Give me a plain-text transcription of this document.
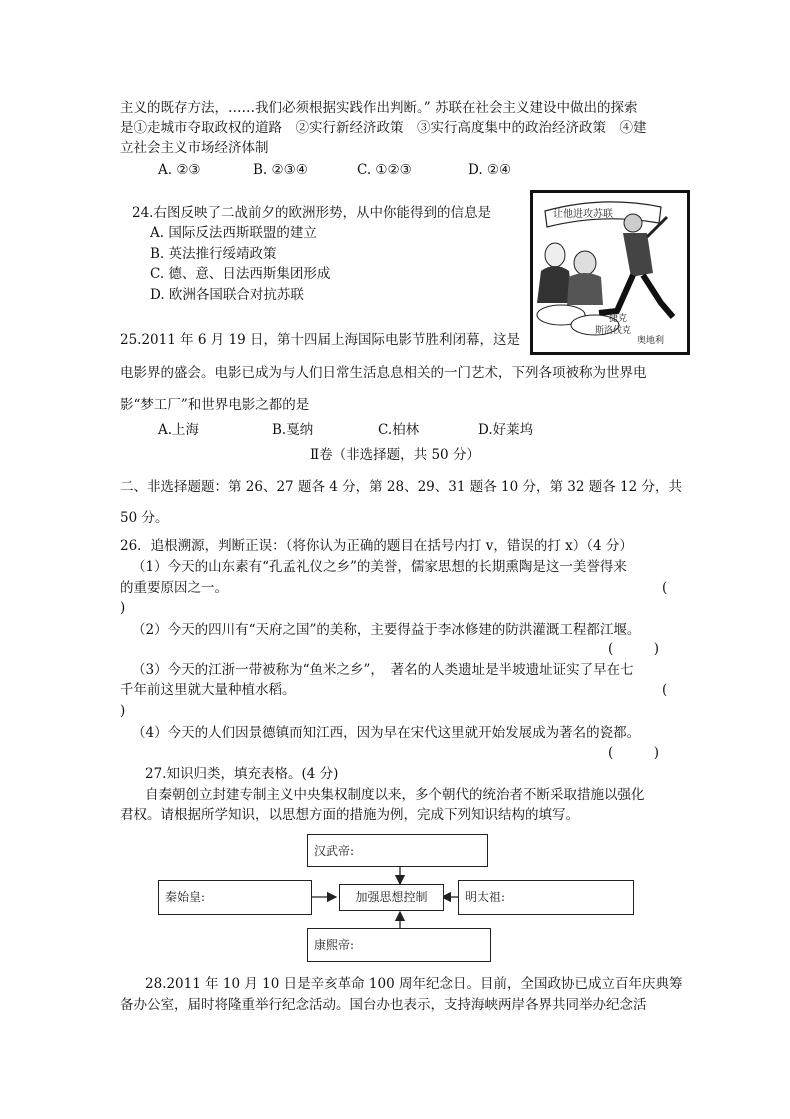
主义的既存方法，……我们必须根据实践作出判断。” 苏联在社会主义建设中做出的探索
是①走城市夺取政权的道路　②实行新经济政策　③实行高度集中的政治经济政策　④建
立社会主义市场经济体制
A. ②③	B. ②③④	C. ①②③	D. ②④
24.右图反映了二战前夕的欧洲形势，从中你能得到的信息是
A. 国际反法西斯联盟的建立
B. 英法推行绥靖政策
C. 德、意、日法西斯集团形成
D. 欧洲各国联合对抗苏联
让他进攻苏联
捷克
斯洛伐克
奥地利
25.2011 年 6 月 19 日，第十四届上海国际电影节胜利闭幕，这是
电影界的盛会。电影已成为与人们日常生活息息相关的一门艺术，下列各项被称为世界电
影“梦工厂”和世界电影之都的是
A.上海	B.戛纳	C.柏林	D.好莱坞
Ⅱ卷（非选择题，共 50 分）
二、非选择题题：第 26、27 题各 4 分，第 28、29、31 题各 10 分，第 32 题各 12 分，共
50 分。
26．追根溯源，判断正误：（将你认为正确的题目在括号内打 v，错误的打 x）（4 分）
（1）今天的山东素有“孔孟礼仪之乡”的美誉，儒家思想的长期熏陶是这一美誉得来
的重要原因之一。	(
)
（2）今天的四川有“天府之国”的美称，主要得益于李冰修建的防洪灌溉工程都江堰。
(　　　)
（3）今天的江浙一带被称为“鱼米之乡”，　著名的人类遗址是半坡遗址证实了早在七
千年前这里就大量种植水稻。	(
)
（4）今天的人们因景德镇而知江西，因为早在宋代这里就开始发展成为著名的瓷都。
(　　　)
27.知识归类，填充表格。(4 分)
自秦朝创立封建专制主义中央集权制度以来，多个朝代的统治者不断采取措施以强化
君权。请根据所学知识，以思想方面的措施为例，完成下列知识结构的填写。
汉武帝:
秦始皇:	加强思想控制	明太祖:
康熙帝:
28.2011 年 10 月 10 日是辛亥革命 100 周年纪念日。目前，全国政协已成立百年庆典筹
备办公室，届时将隆重举行纪念活动。国台办也表示，支持海峡两岸各界共同举办纪念活
